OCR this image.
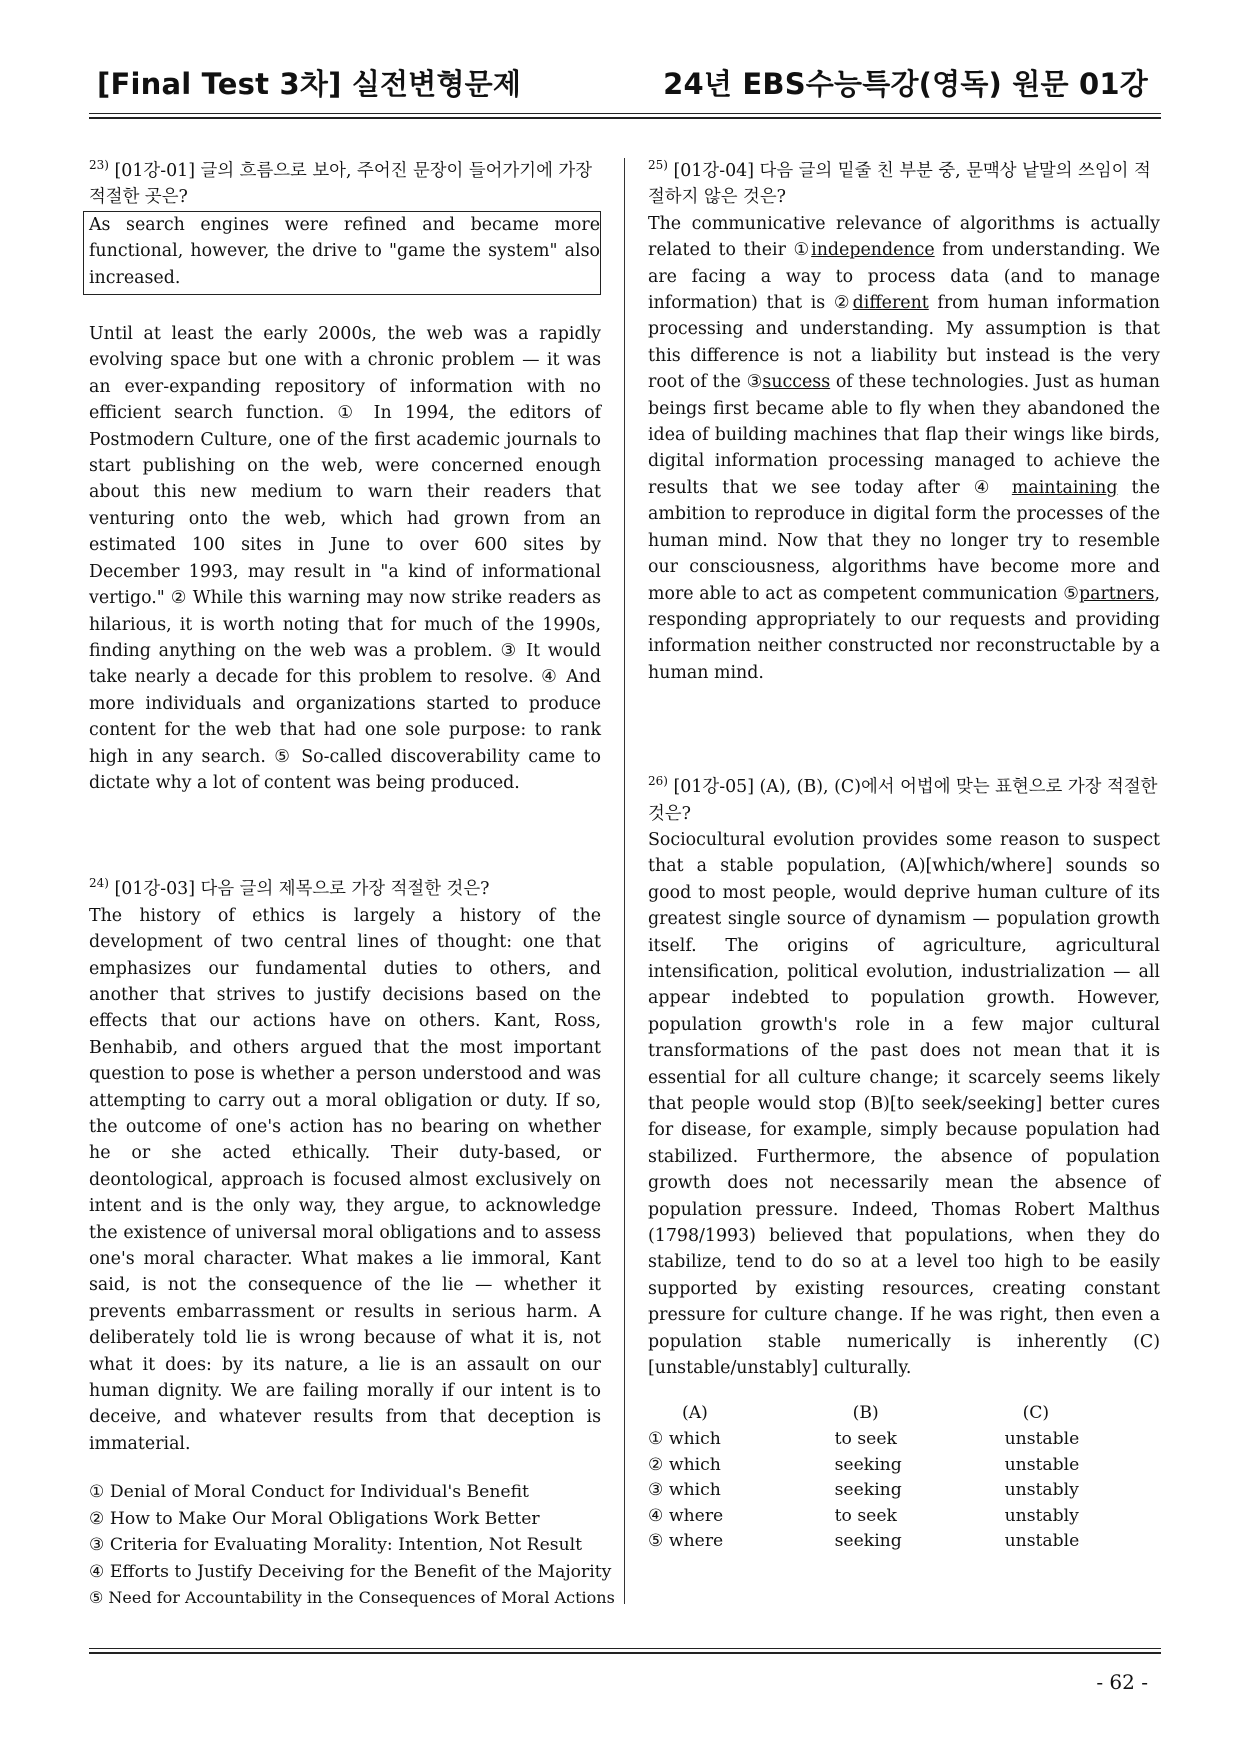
[Final Test 3차] 실전변형문제	24년 EBS수능특강(영독) 원문 01강

$^{23)}$ [01강-01] 글의 흐름으로 보아, 주어진 문장이 들어가기에 가장 적절한 곳은?

As search engines were refined and became more functional, however, the drive to "game the system" also increased.

Until at least the early 2000s, the web was a rapidly evolving space but one with a chronic problem — it was an ever-expanding repository of information with no efficient search function. ① In 1994, the editors of Postmodern Culture, one of the first academic journals to start publishing on the web, were concerned enough about this new medium to warn their readers that venturing onto the web, which had grown from an estimated 100 sites in June to over 600 sites by December 1993, may result in "a kind of informational vertigo." ② While this warning may now strike readers as hilarious, it is worth noting that for much of the 1990s, finding anything on the web was a problem. ③ It would take nearly a decade for this problem to resolve. ④ And more individuals and organizations started to produce content for the web that had one sole purpose: to rank high in any search. ⑤ So-called discoverability came to dictate why a lot of content was being produced.

$^{24)}$ [01강-03] 다음 글의 제목으로 가장 적절한 것은?

The history of ethics is largely a history of the development of two central lines of thought: one that emphasizes our fundamental duties to others, and another that strives to justify decisions based on the effects that our actions have on others. Kant, Ross, Benhabib, and others argued that the most important question to pose is whether a person understood and was attempting to carry out a moral obligation or duty. If so, the outcome of one's action has no bearing on whether he or she acted ethically. Their duty-based, or deontological, approach is focused almost exclusively on intent and is the only way, they argue, to acknowledge the existence of universal moral obligations and to assess one's moral character. What makes a lie immoral, Kant said, is not the consequence of the lie — whether it prevents embarrassment or results in serious harm. A deliberately told lie is wrong because of what it is, not what it does: by its nature, a lie is an assault on our human dignity. We are failing morally if our intent is to deceive, and whatever results from that deception is immaterial.

① Denial of Moral Conduct for Individual's Benefit

② How to Make Our Moral Obligations Work Better

③ Criteria for Evaluating Morality: Intention, Not Result

④ Efforts to Justify Deceiving for the Benefit of the Majority

⑤ Need for Accountability in the Consequences of Moral Actions

$^{25)}$ [01강-04] 다음 글의 밑줄 친 부분 중, 문맥상 낱말의 쓰임이 적절하지 않은 것은?

The communicative relevance of algorithms is actually related to their ①independence from understanding. We are facing a way to process data (and to manage information) that is ②different from human information processing and understanding. My assumption is that this difference is not a liability but instead is the very root of the ③success of these technologies. Just as human beings first became able to fly when they abandoned the idea of building machines that flap their wings like birds, digital information processing managed to achieve the results that we see today after ④ maintaining the ambition to reproduce in digital form the processes of the human mind. Now that they no longer try to resemble our consciousness, algorithms have become more and more able to act as competent communication ⑤partners, responding appropriately to our requests and providing information neither constructed nor reconstructable by a human mind.

$^{26)}$ [01강-05] (A), (B), (C)에서 어법에 맞는 표현으로 가장 적절한 것은?

Sociocultural evolution provides some reason to suspect that a stable population, (A)[which/where] sounds so good to most people, would deprive human culture of its greatest single source of dynamism — population growth itself. The origins of agriculture, agricultural intensification, political evolution, industrialization — all appear indebted to population growth. However, population growth's role in a few major cultural transformations of the past does not mean that it is essential for all culture change; it scarcely seems likely that people would stop (B)[to seek/seeking] better cures for disease, for example, simply because population had stabilized. Furthermore, the absence of population growth does not necessarily mean the absence of population pressure. Indeed, Thomas Robert Malthus (1798/1993) believed that populations, when they do stabilize, tend to do so at a level too high to be easily supported by existing resources, creating constant pressure for culture change. If he was right, then even a population stable numerically is inherently (C)[unstable/unstably] culturally.

(A)	(B)	(C)
① which	to seek	unstable
② which	seeking	unstable
③ which	seeking	unstably
④ where	to seek	unstably
⑤ where	seeking	unstable
- 62 -
